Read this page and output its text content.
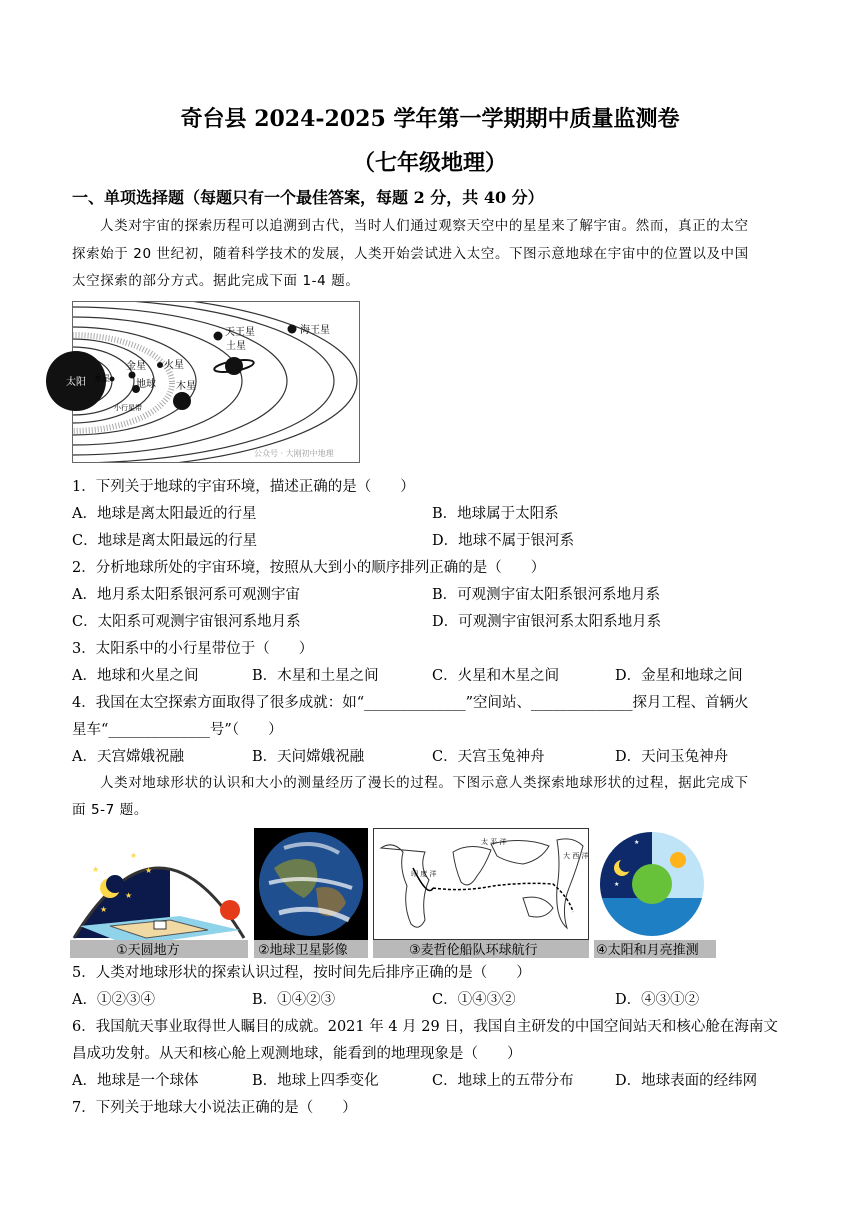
奇台县 2024-2025 学年第一学期期中质量监测卷
（七年级地理）
一、单项选择题（每题只有一个最佳答案，每题 2 分，共 40 分）
人类对宇宙的探索历程可以追溯到古代，当时人们通过观察天空中的星星来了解宇宙。然而，真正的太空
探索始于 20 世纪初，随着科学技术的发展，人类开始尝试进入太空。下图示意地球在宇宙中的位置以及中国
太空探索的部分方式。据此完成下面 1-4 题。
太阳 水星
金星
地球
火星
木星
小行星带
土星
天王星	海王星
公众号 · 大刚初中地理
1．下列关于地球的宇宙环境，描述正确的是（　　）
A．地球是离太阳最近的行星	B．地球属于太阳系
C．地球是离太阳最远的行星	D．地球不属于银河系
2．分析地球所处的宇宙环境，按照从大到小的顺序排列正确的是（　　）
A．地月系太阳系银河系可观测宇宙	B．可观测宇宙太阳系银河系地月系
C．太阳系可观测宇宙银河系地月系	D．可观测宇宙银河系太阳系地月系
3．太阳系中的小行星带位于（　　）
A．地球和火星之间	B．木星和土星之间	C．火星和木星之间	D．金星和地球之间
4．我国在太空探索方面取得了很多成就：如“______________”空间站、______________探月工程、首辆火
星车“______________号”（　　）
A．天宫嫦娥祝融	B．天问嫦娥祝融	C．天宫玉兔神舟	D．天问玉兔神舟
人类对地球形状的认识和大小的测量经历了漫长的过程。下图示意人类探索地球形状的过程，据此完成下
面 5-7 题。
★
★
★
★
★
①天圆地方	②地球卫星影像
太 平 洋
印 度 洋
大 西 洋
③麦哲伦船队环球航行
★
★
★
④太阳和月亮推测
5．人类对地球形状的探索认识过程，按时间先后排序正确的是（　　）
A．①②③④	B．①④②③	C．①④③②	D．④③①②
6．我国航天事业取得世人瞩目的成就。2021 年 4 月 29 日，我国自主研发的中国空间站天和核心舱在海南文
昌成功发射。从天和核心舱上观测地球，能看到的地理现象是（　　）
A．地球是一个球体	B．地球上四季变化	C．地球上的五带分布	D．地球表面的经纬网
7．下列关于地球大小说法正确的是（　　）
